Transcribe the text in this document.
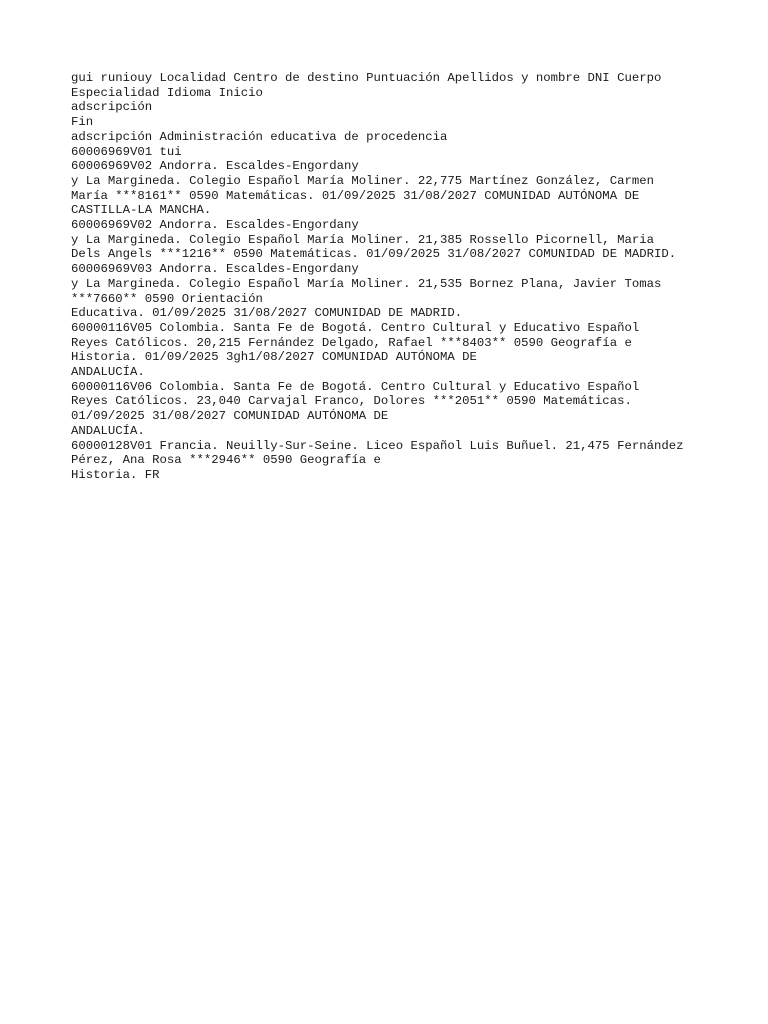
gui runiouy Localidad Centro de destino Puntuación Apellidos y nombre DNI Cuerpo

Especialidad Idioma Inicio

adscripción

Fin

adscripción Administración educativa de procedencia

60006969V01 tui

60006969V02 Andorra. Escaldes-Engordany

y La Margineda. Colegio Español María Moliner. 22,775 Martínez González, Carmen

María ***8161** 0590 Matemáticas. 01/09/2025 31/08/2027 COMUNIDAD AUTÓNOMA DE

CASTILLA-LA MANCHA.

60006969V02 Andorra. Escaldes-Engordany

y La Margineda. Colegio Español María Moliner. 21,385 Rossello Picornell, Maria

Dels Angels ***1216** 0590 Matemáticas. 01/09/2025 31/08/2027 COMUNIDAD DE MADRID.

60006969V03 Andorra. Escaldes-Engordany

y La Margineda. Colegio Español María Moliner. 21,535 Bornez Plana, Javier Tomas

***7660** 0590 Orientación

Educativa. 01/09/2025 31/08/2027 COMUNIDAD DE MADRID.

60000116V05 Colombia. Santa Fe de Bogotá. Centro Cultural y Educativo Español

Reyes Católicos. 20,215 Fernández Delgado, Rafael ***8403** 0590 Geografía e

Historia. 01/09/2025 3gh1/08/2027 COMUNIDAD AUTÓNOMA DE

ANDALUCÍA.

60000116V06 Colombia. Santa Fe de Bogotá. Centro Cultural y Educativo Español

Reyes Católicos. 23,040 Carvajal Franco, Dolores ***2051** 0590 Matemáticas.

01/09/2025 31/08/2027 COMUNIDAD AUTÓNOMA DE

ANDALUCÍA.

60000128V01 Francia. Neuilly-Sur-Seine. Liceo Español Luis Buñuel. 21,475 Fernández

Pérez, Ana Rosa ***2946** 0590 Geografía e

Historia. FR
